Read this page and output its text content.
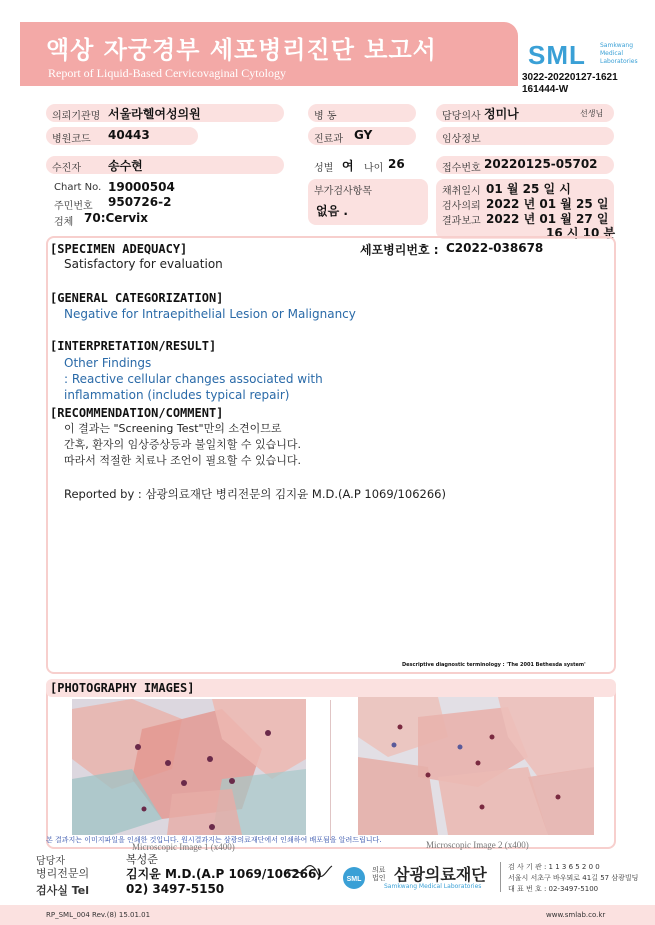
액상 자궁경부 세포병리진단 보고서
Report of Liquid-Based Cervicovaginal Cytology
SML	Samkwang
Medical
Laboratories
3022-20220127-1621
161444-W
의뢰기관명 서울라헬여성의원	병 동	담당의사 정미나	선생님
병원코드 40443	진료과 GY	임상정보
수진자 송수현	성별 여 나이 26	접수번호 20220125-05702
Chart No. 19000504
주민번호 950726-2
검체 70:Cervix
부가검사항목
없음 .
채취일시 01 월 25 일 시
검사의뢰 2022 년 01 월 25 일
결과보고 2022 년 01 월 27 일
16 시 10 분
[SPECIMEN ADEQUACY]	세포병리번호 : C2022-038678
Satisfactory for evaluation
[GENERAL CATEGORIZATION]
Negative for Intraepithelial Lesion or Malignancy
[INTERPRETATION/RESULT]
Other Findings
: Reactive cellular changes associated with
inflammation (includes typical repair)
[RECOMMENDATION/COMMENT]
이 결과는 "Screening Test"만의 소견이므로
간혹, 환자의 임상증상등과 불일치할 수 있습니다.
따라서 적절한 치료나 조언이 필요할 수 있습니다.
Reported by : 삼광의료재단 병리전문의 김지윤 M.D.(A.P 1069/106266)
Descriptive diagnostic terminology : 'The 2001 Bethesda system'
[PHOTOGRAPHY IMAGES]
Microscopic Image 1 (x400)	Microscopic Image 2 (x400)
본 결과지는 이미지파일을 인쇄한 것입니다. 원시결과지는 삼광의료재단에서 인쇄하여 배포됨을 알려드립니다.
담당자	복성준
병리전문의	김지윤 M.D.(A.P 1069/106266)
검사실 Tel	02) 3497-5150
SML
의료법인 삼광의료재단
Samkwang Medical Laboratories
검 사 기 관 : 1 1 3 6 5 2 0 0
서울시 서초구 바우뫼로 41길 57 삼광빌딩
대 표 번 호 : 02-3497-5100
RP_SML_004 Rev.(8) 15.01.01	www.smlab.co.kr
